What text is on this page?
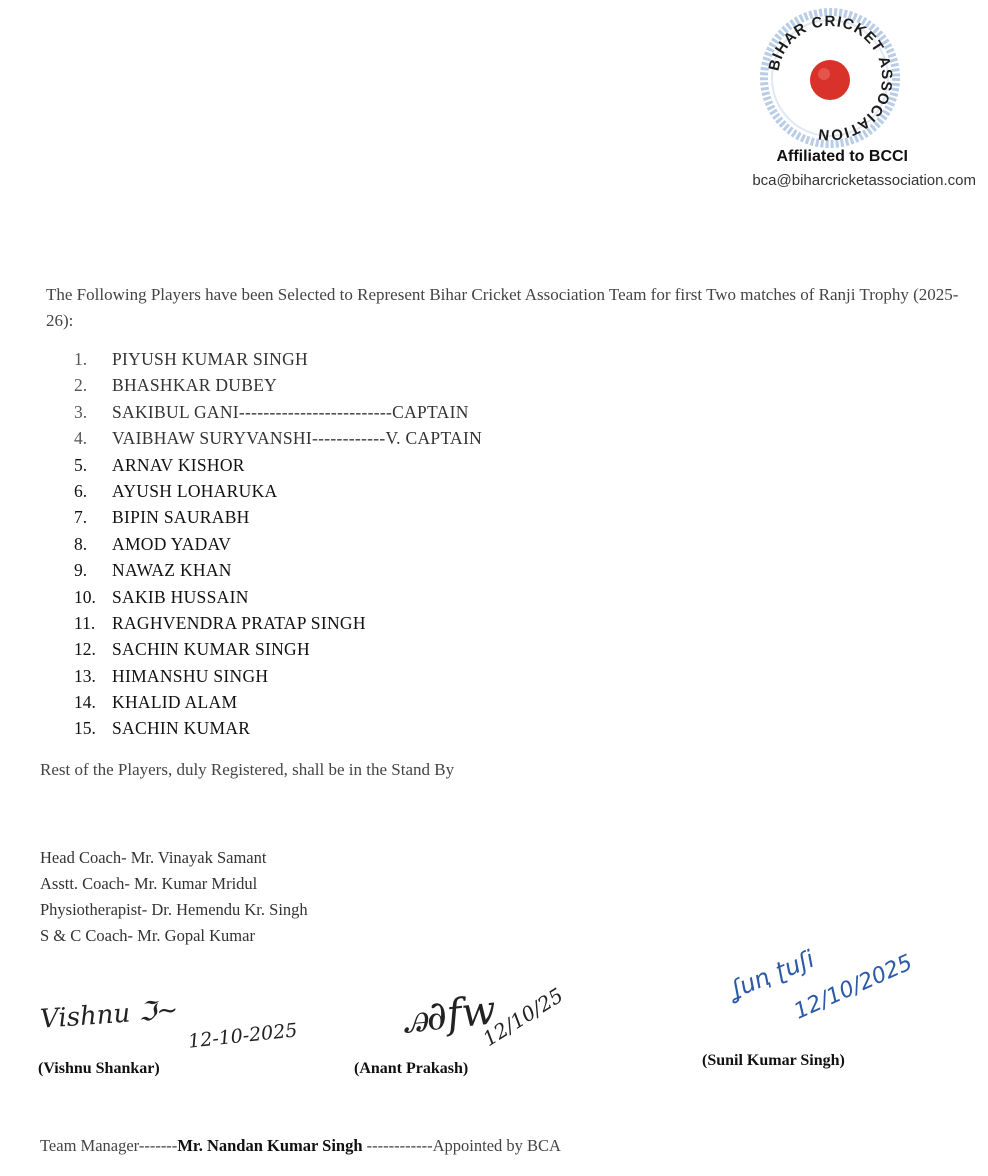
BIHAR CRICKET ASSOCIATION
Affiliated to BCCI
bca@biharcricketassociation.com
The Following Players have been Selected to Represent Bihar Cricket Association Team for first Two matches of Ranji Trophy (2025-26):
1. PIYUSH KUMAR SINGH
2. BHASHKAR DUBEY
3. SAKIBUL GANI-------------------------CAPTAIN
4. VAIBHAW SURYVANSHI------------V. CAPTAIN
5. ARNAV KISHOR
6. AYUSH LOHARUKA
7. BIPIN SAURABH
8. AMOD YADAV
9. NAWAZ KHAN
10. SAKIB HUSSAIN
11. RAGHVENDRA PRATAP SINGH
12. SACHIN KUMAR SINGH
13. HIMANSHU SINGH
14. KHALID ALAM
15. SACHIN KUMAR
Rest of the Players, duly Registered, shall be in the Stand By
Head Coach- Mr. Vinayak Samant
Asstt. Coach- Mr. Kumar Mridul
Physiotherapist- Dr. Hemendu Kr. Singh
S & C Coach- Mr. Gopal Kumar
Vishnu ℑ~
12-10-2025
(Vishnu Shankar)
ꭿ∂fw
12/10/25
(Anant Prakash)
ʆuꞑ ʈuʃi
12/10/2025
(Sunil Kumar Singh)
Team Manager-------Mr. Nandan Kumar Singh ------------Appointed by BCA
